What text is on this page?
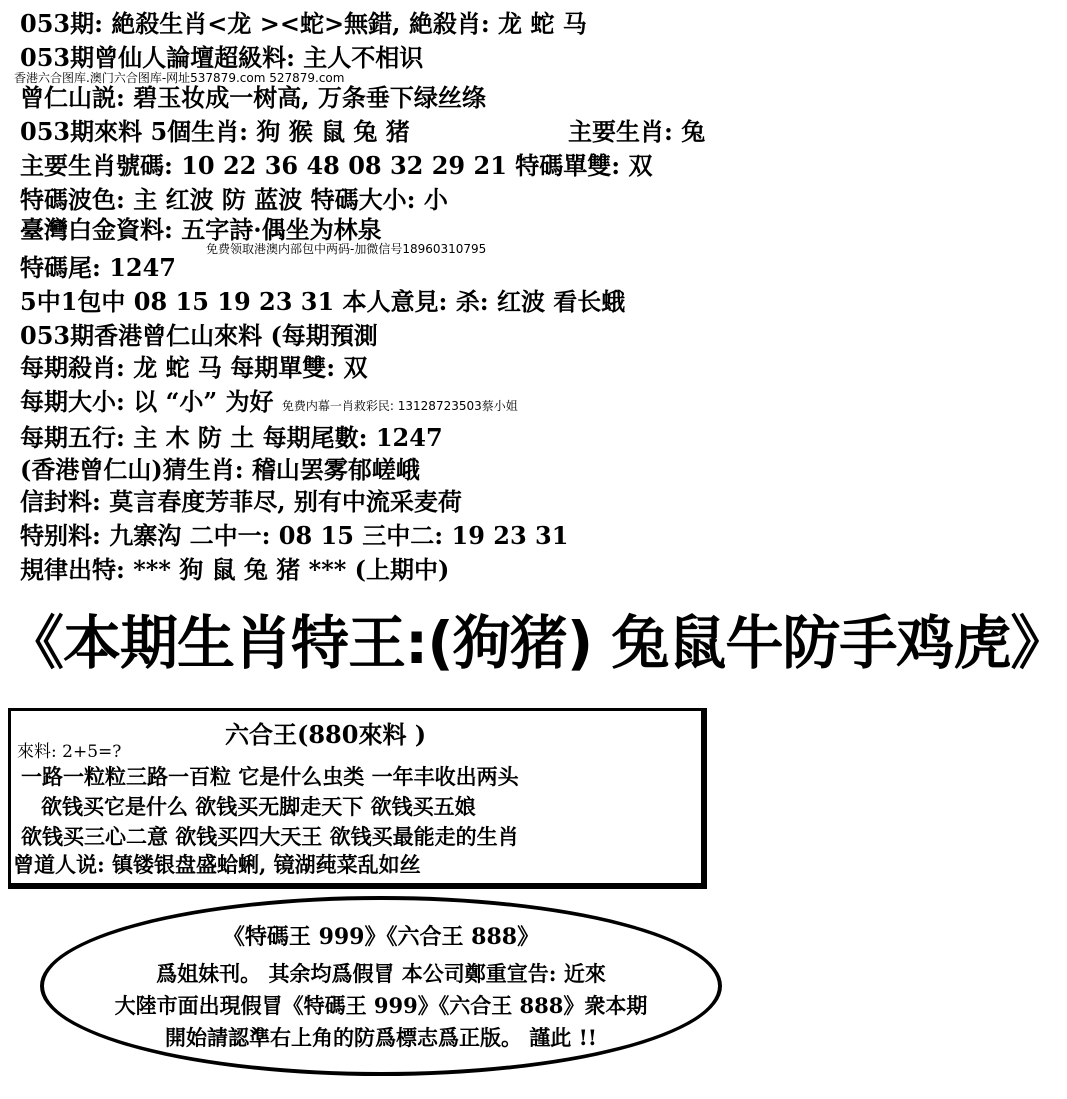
053期: 絶殺生肖<龙 ><蛇>無錯, 絶殺肖: 龙 蛇 马
053期曾仙人論壇超級料: 主人不相识
香港六合图库.澳门六合图库-网址537879.com 527879.com
曾仁山説: 碧玉妆成一树高, 万条垂下绿丝绦
053期來料 5個生肖: 狗 猴 鼠 兔 猪	主要生肖: 兔
主要生肖號碼: 10 22 36 48 08 32 29 21 特碼單雙: 双
特碼波色: 主 红波 防 蓝波 特碼大小: 小
臺灣白金資料: 五字詩·偶坐为林泉
免费领取港澳内部包中两码-加微信号18960310795
特碼尾: 1247
5中1包中 08 15 19 23 31 本人意見: 杀: 红波 看长蛾
053期香港曾仁山來料 (每期預測
每期殺肖: 龙 蛇 马 每期單雙: 双
每期大小: 以 “小” 为好 免费内幕一肖救彩民: 13128723503蔡小姐
每期五行: 主 木 防 土 每期尾數: 1247
(香港曾仁山)猜生肖: 稽山罢雾郁嵯峨
信封料: 莫言春度芳菲尽, 别有中流采麦荷
特别料: 九寨沟 二中一: 08 15 三中二: 19 23 31
規律出特: *** 狗 鼠 兔 猪 *** (上期中)
《本期生肖特王:(狗猪) 兔鼠牛防手鸡虎》
六合王(880來料 )
來料: 2+5=?
一路一粒粒三路一百粒 它是什么虫类 一年丰收出两头
欲钱买它是什么 欲钱买无脚走天下 欲钱买五娘
欲钱买三心二意 欲钱买四大天王 欲钱买最能走的生肖
曾道人说: 镇镂银盘盛蛤蜊, 镜湖莼菜乱如丝
《特碼王 999》《六合王 888》
爲姐妹刊。 其余均爲假冒 本公司鄭重宣告: 近來
大陸市面出現假冒《特碼王 999》《六合王 888》衆本期
開始請認準右上角的防爲標志爲正版。 謹此 !!
